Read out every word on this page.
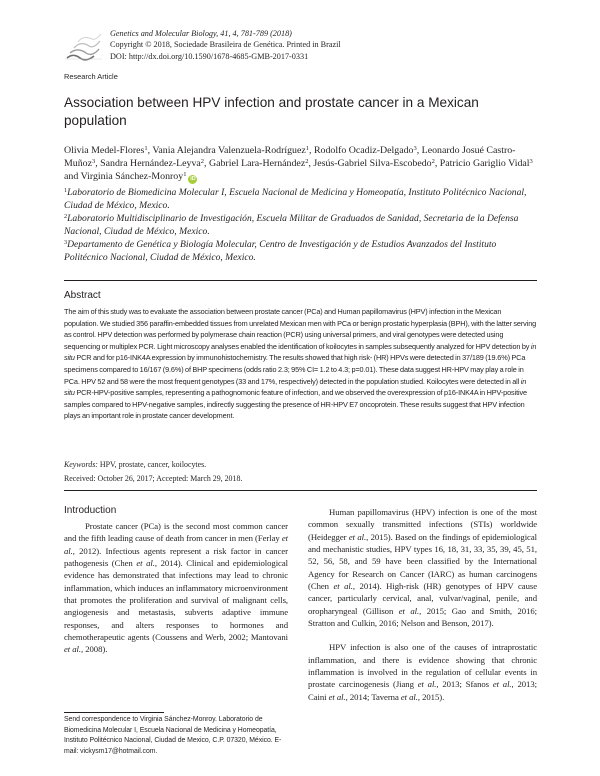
Genetics and Molecular Biology, 41, 4, 781-789 (2018)
Copyright © 2018, Sociedade Brasileira de Genética. Printed in Brazil
DOI: http://dx.doi.org/10.1590/1678-4685-GMB-2017-0331
Research Article
Association between HPV infection and prostate cancer in a Mexican population
Olivia Medel-Flores$^1$, Vania Alejandra Valenzuela-Rodríguez$^1$, Rodolfo Ocadiz-Delgado$^3$, Leonardo Josué Castro-Muñoz$^3$, Sandra Hernández-Leyva$^2$, Gabriel Lara-Hernández$^2$, Jesús-Gabriel Silva-Escobedo$^2$, Patricio Gariglio Vidal$^3$ and Virginia Sánchez-Monroy$^1$iD
$^1$Laboratorio de Biomedicina Molecular I, Escuela Nacional de Medicina y Homeopatía, Instituto Politécnico Nacional, Ciudad de México, Mexico.
$^2$Laboratorio Multidisciplinario de Investigación, Escuela Militar de Graduados de Sanidad, Secretaria de la Defensa Nacional, Ciudad de México, Mexico.
$^3$Departamento de Genética y Biología Molecular, Centro de Investigación y de Estudios Avanzados del Instituto Politécnico Nacional, Ciudad de México, Mexico.
Abstract
The aim of this study was to evaluate the association between prostate cancer (PCa) and Human papillomavirus (HPV) infection in the Mexican population. We studied 356 paraffin-embedded tissues from unrelated Mexican men with PCa or benign prostatic hyperplasia (BPH), with the latter serving as control. HPV detection was performed by polymerase chain reaction (PCR) using universal primers, and viral genotypes were detected using sequencing or multiplex PCR. Light microscopy analyses enabled the identification of koilocytes in samples subsequently analyzed for HPV detection by in situ PCR and for p16-INK4A expression by immunohistochemistry. The results showed that high risk- (HR) HPVs were detected in 37/189 (19.6%) PCa specimens compared to 16/167 (9.6%) of BHP specimens (odds ratio 2.3; 95% CI= 1.2 to 4.3; p=0.01). These data suggest HR-HPV may play a role in PCa. HPV 52 and 58 were the most frequent genotypes (33 and 17%, respectively) detected in the population studied. Koilocytes were detected in all in situ PCR-HPV-positive samples, representing a pathognomonic feature of infection, and we observed the overexpression of p16-INK4A in HPV-positive samples compared to HPV-negative samples, indirectly suggesting the presence of HR-HPV E7 oncoprotein. These results suggest that HPV infection plays an important role in prostate cancer development.
Keywords: HPV, prostate, cancer, koilocytes.
Received: October 26, 2017; Accepted: March 29, 2018.
Introduction

Prostate cancer (PCa) is the second most common cancer and the fifth leading cause of death from cancer in men (Ferlay et al., 2012). Infectious agents represent a risk factor in cancer pathogenesis (Chen et al., 2014). Clinical and epidemiological evidence has demonstrated that infections may lead to chronic inflammation, which induces an inflammatory microenvironment that promotes the proliferation and survival of malignant cells, angiogenesis and metastasis, subverts adaptive immune responses, and alters responses to hormones and chemotherapeutic agents (Coussens and Werb, 2002; Mantovani et al., 2008).

Human papillomavirus (HPV) infection is one of the most common sexually transmitted infections (STIs) worldwide (Heidegger et al., 2015). Based on the findings of epidemiological and mechanistic studies, HPV types 16, 18, 31, 33, 35, 39, 45, 51, 52, 56, 58, and 59 have been classified by the International Agency for Research on Cancer (IARC) as human carcinogens (Chen et al., 2014). High-risk (HR) genotypes of HPV cause cancer, particularly cervical, anal, vulvar/vaginal, penile, and oropharyngeal (Gillison et al., 2015; Gao and Smith, 2016; Stratton and Culkin, 2016; Nelson and Benson, 2017).

HPV infection is also one of the causes of intraprostatic inflammation, and there is evidence showing that chronic inflammation is involved in the regulation of cellular events in prostate carcinogenesis (Jiang et al., 2013; Sfanos et al., 2013; Caini et al., 2014; Taverna et al., 2015).

Send correspondence to Virginia Sánchez-Monroy. Laboratorio de Biomedicina Molecular I, Escuela Nacional de Medicina y Homeopatía, Instituto Politécnico Nacional, Ciudad de Mexico, C.P. 07320, México. E-mail: vickysm17@hotmail.com.
